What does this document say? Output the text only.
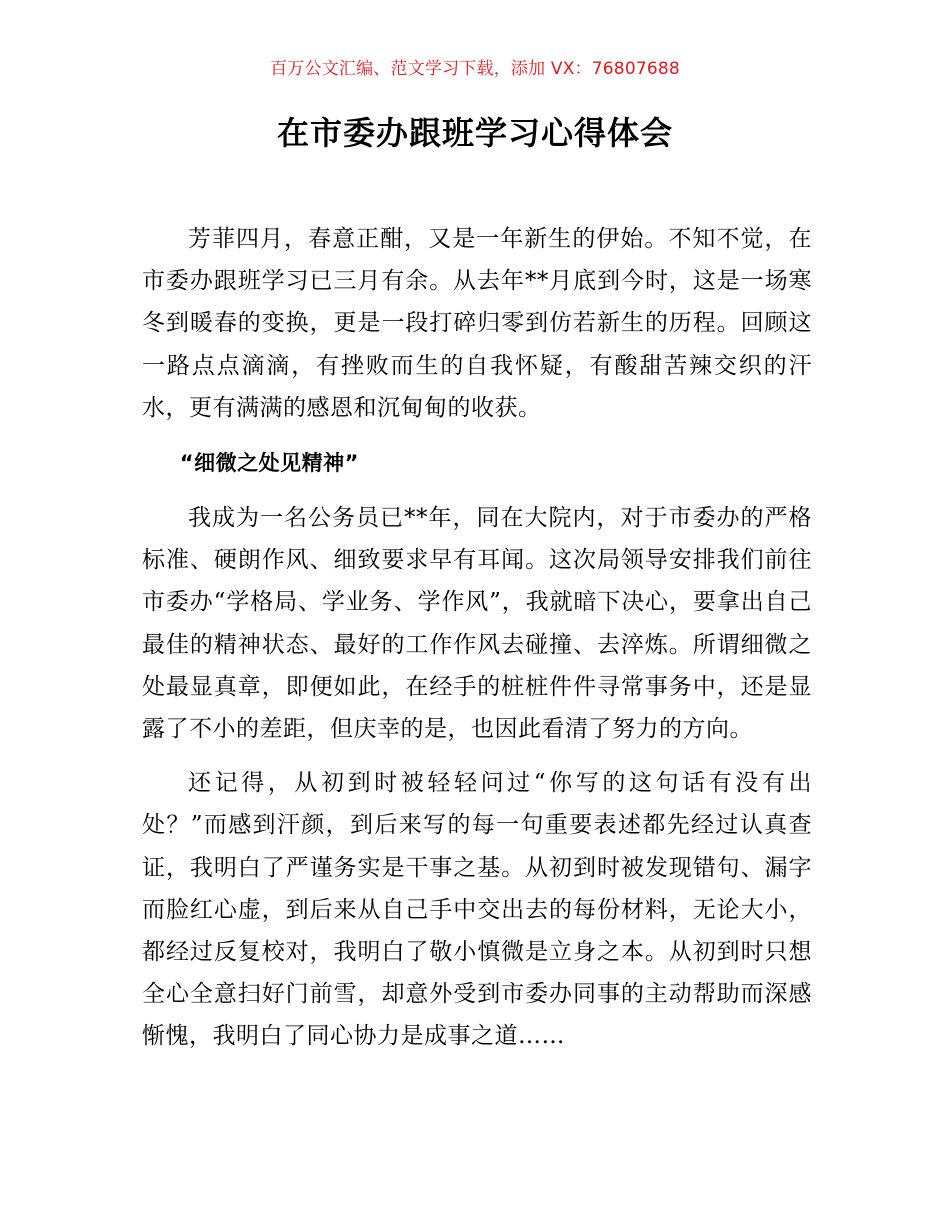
百万公文汇编、范文学习下载，添加 VX：76807688
在市委办跟班学习心得体会

芳菲四月，春意正酣，又是一年新生的伊始。不知不觉，在市委办跟班学习已三月有余。从去年**月底到今时，这是一场寒冬到暖春的变换，更是一段打碎归零到仿若新生的历程。回顾这一路点点滴滴，有挫败而生的自我怀疑，有酸甜苦辣交织的汗水，更有满满的感恩和沉甸甸的收获。

“细微之处见精神”

我成为一名公务员已**年，同在大院内，对于市委办的严格标准、硬朗作风、细致要求早有耳闻。这次局领导安排我们前往市委办“学格局、学业务、学作风”，我就暗下决心，要拿出自己最佳的精神状态、最好的工作作风去碰撞、去淬炼。所谓细微之处最显真章，即便如此，在经手的桩桩件件寻常事务中，还是显露了不小的差距，但庆幸的是，也因此看清了努力的方向。

还记得，从初到时被轻轻问过“你写的这句话有没有出处？”而感到汗颜，到后来写的每一句重要表述都先经过认真查证，我明白了严谨务实是干事之基。从初到时被发现错句、漏字而脸红心虚，到后来从自己手中交出去的每份材料，无论大小，都经过反复校对，我明白了敬小慎微是立身之本。从初到时只想全心全意扫好门前雪，却意外受到市委办同事的主动帮助而深感惭愧，我明白了同心协力是成事之道……
